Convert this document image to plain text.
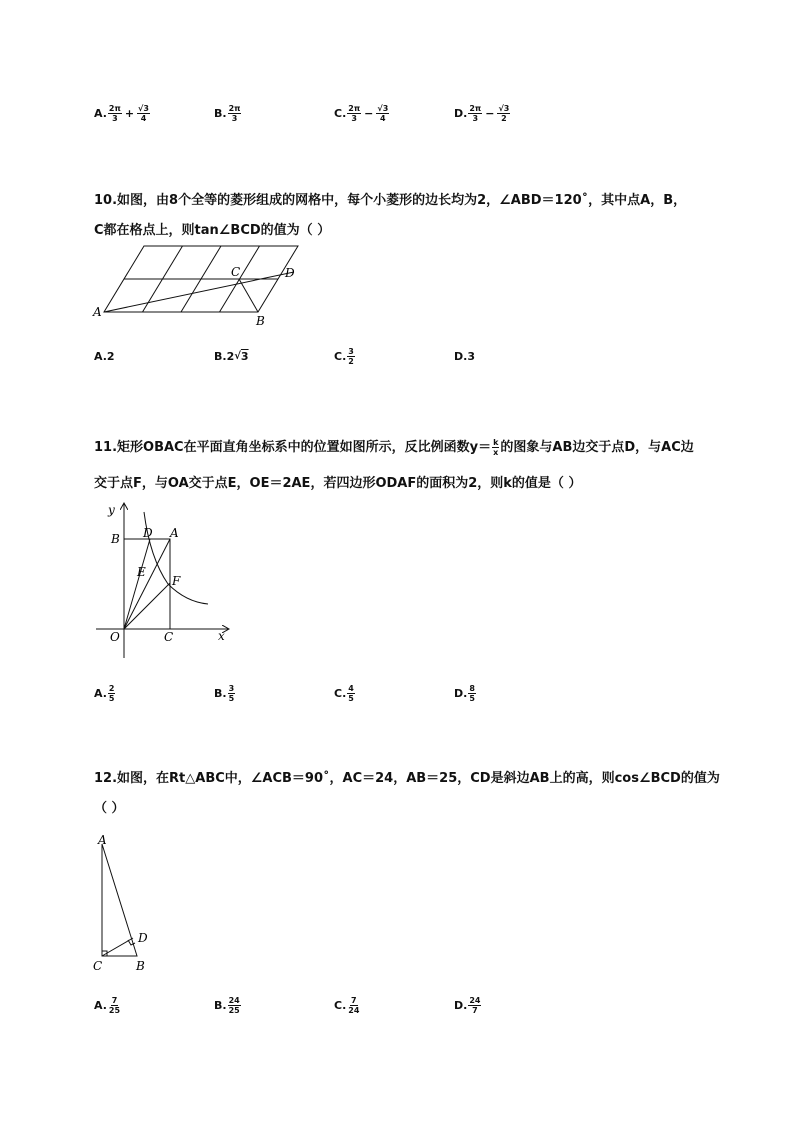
A. $\frac{2\pi}{3} + \frac{√3}{4}$	B. $\frac{2\pi}{3}$	C. $\frac{2\pi}{3} - \frac{√3}{4}$	D. $\frac{2\pi}{3} - \frac{√3}{2}$
10.如图，由8个全等的菱形组成的网格中，每个小菱形的边长均为2，∠ABD＝120˚，其中点A，B，
C都在格点上，则tan∠BCD的值为（ ）
A
B
C	D
A. 2	B. 2 √ 3	C. $\frac{3}{2}$	D. 3
11.矩形OBAC在平面直角坐标系中的位置如图所示，反比例函数 $y= \frac{k}{x}$ 的图象与AB边交于点D，与AC边
交于点F，与OA交于点E，OE＝2AE，若四边形ODAF的面积为2，则k的值是（ ）
y
x
O
B	A
C
D
E
F
A. $\frac{2}{5}$	B. $\frac{3}{5}$	C. $\frac{4}{5}$	D. $\frac{8}{5}$
12.如图，在Rt△ABC中，∠ACB＝90˚，AC＝24，AB＝25，CD是斜边AB上的高，则cos∠BCD的值为
（ ）
A
C	B
D
A. $\frac{7}{25}$	B. $\frac{24}{25}$	C. $\frac{7}{24}$	D. $\frac{24}{7}$
